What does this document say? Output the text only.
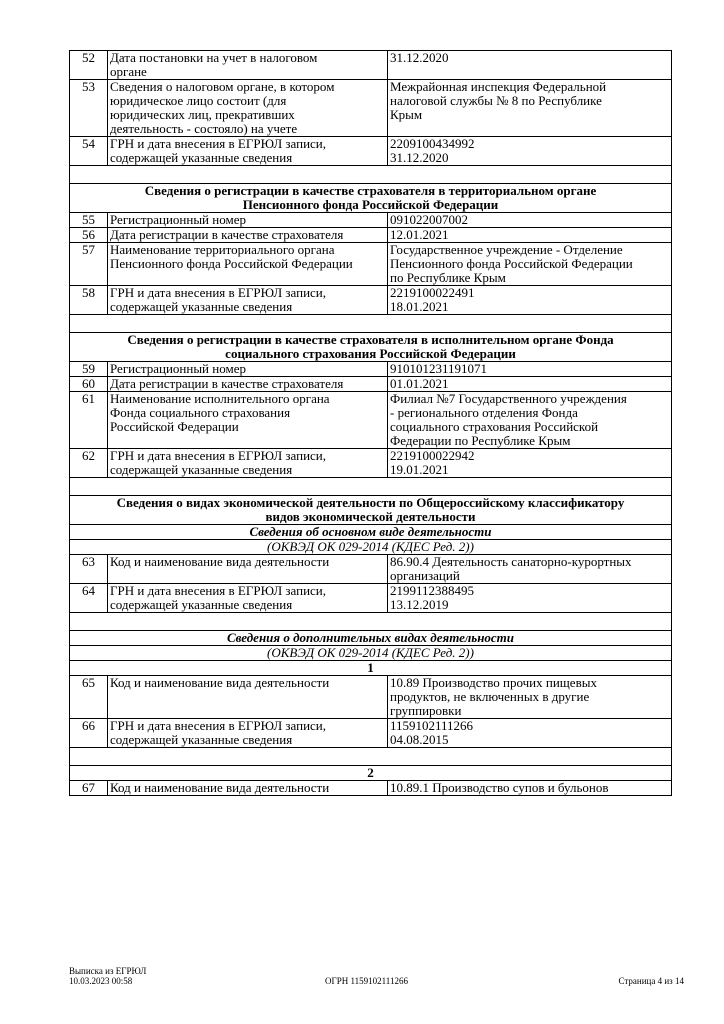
52	Дата постановки на учет в налоговом
органе	31.12.2020

53	Сведения о налоговом органе, в котором
юридическое лицо состоит (для
юридических лиц, прекративших
деятельность - состояло) на учете	Межрайонная инспекция Федеральной
налоговой службы № 8 по Республике
Крым

54	ГРН и дата внесения в ЕГРЮЛ записи,
содержащей указанные сведения	2209100434992
31.12.2020

Сведения о регистрации в качестве страхователя в территориальном органе
Пенсионного фонда Российской Федерации		

55	Регистрационный номер	091022007002

56	Дата регистрации в качестве страхователя	12.01.2021

57	Наименование территориального органа
Пенсионного фонда Российской Федерации	Государственное учреждение - Отделение
Пенсионного фонда Российской Федерации
по Республике Крым

58	ГРН и дата внесения в ЕГРЮЛ записи,
содержащей указанные сведения	2219100022491
18.01.2021

Сведения о регистрации в качестве страхователя в исполнительном органе Фонда
социального страхования Российской Федерации		

59	Регистрационный номер	910101231191071

60	Дата регистрации в качестве страхователя	01.01.2021

61	Наименование исполнительного органа
Фонда социального страхования
Российской Федерации	Филиал №7 Государственного учреждения
- регионального отделения Фонда
социального страхования Российской
Федерации по Республике Крым

62	ГРН и дата внесения в ЕГРЮЛ записи,
содержащей указанные сведения	2219100022942
19.01.2021

Сведения о видах экономической деятельности по Общероссийскому классификатору
видов экономической деятельности		

Сведения об основном виде деятельности		
(ОКВЭД ОК 029-2014 (КДЕС Ред. 2))		
63	Код и наименование вида деятельности	86.90.4 Деятельность санаторно-курортных
организаций

64	ГРН и дата внесения в ЕГРЮЛ записи,
содержащей указанные сведения	2199112388495
13.12.2019

Сведения о дополнительных видах деятельности		
(ОКВЭД ОК 029-2014 (КДЕС Ред. 2))		
1		
65	Код и наименование вида деятельности	10.89 Производство прочих пищевых
продуктов, не включенных в другие
группировки

66	ГРН и дата внесения в ЕГРЮЛ записи,
содержащей указанные сведения	1159102111266
04.08.2015

2		
67	Код и наименование вида деятельности	10.89.1 Производство супов и бульонов
Выписка из ЕГРЮЛ
10.03.2023 00:58	ОГРН 1159102111266	Страница 4 из 14
